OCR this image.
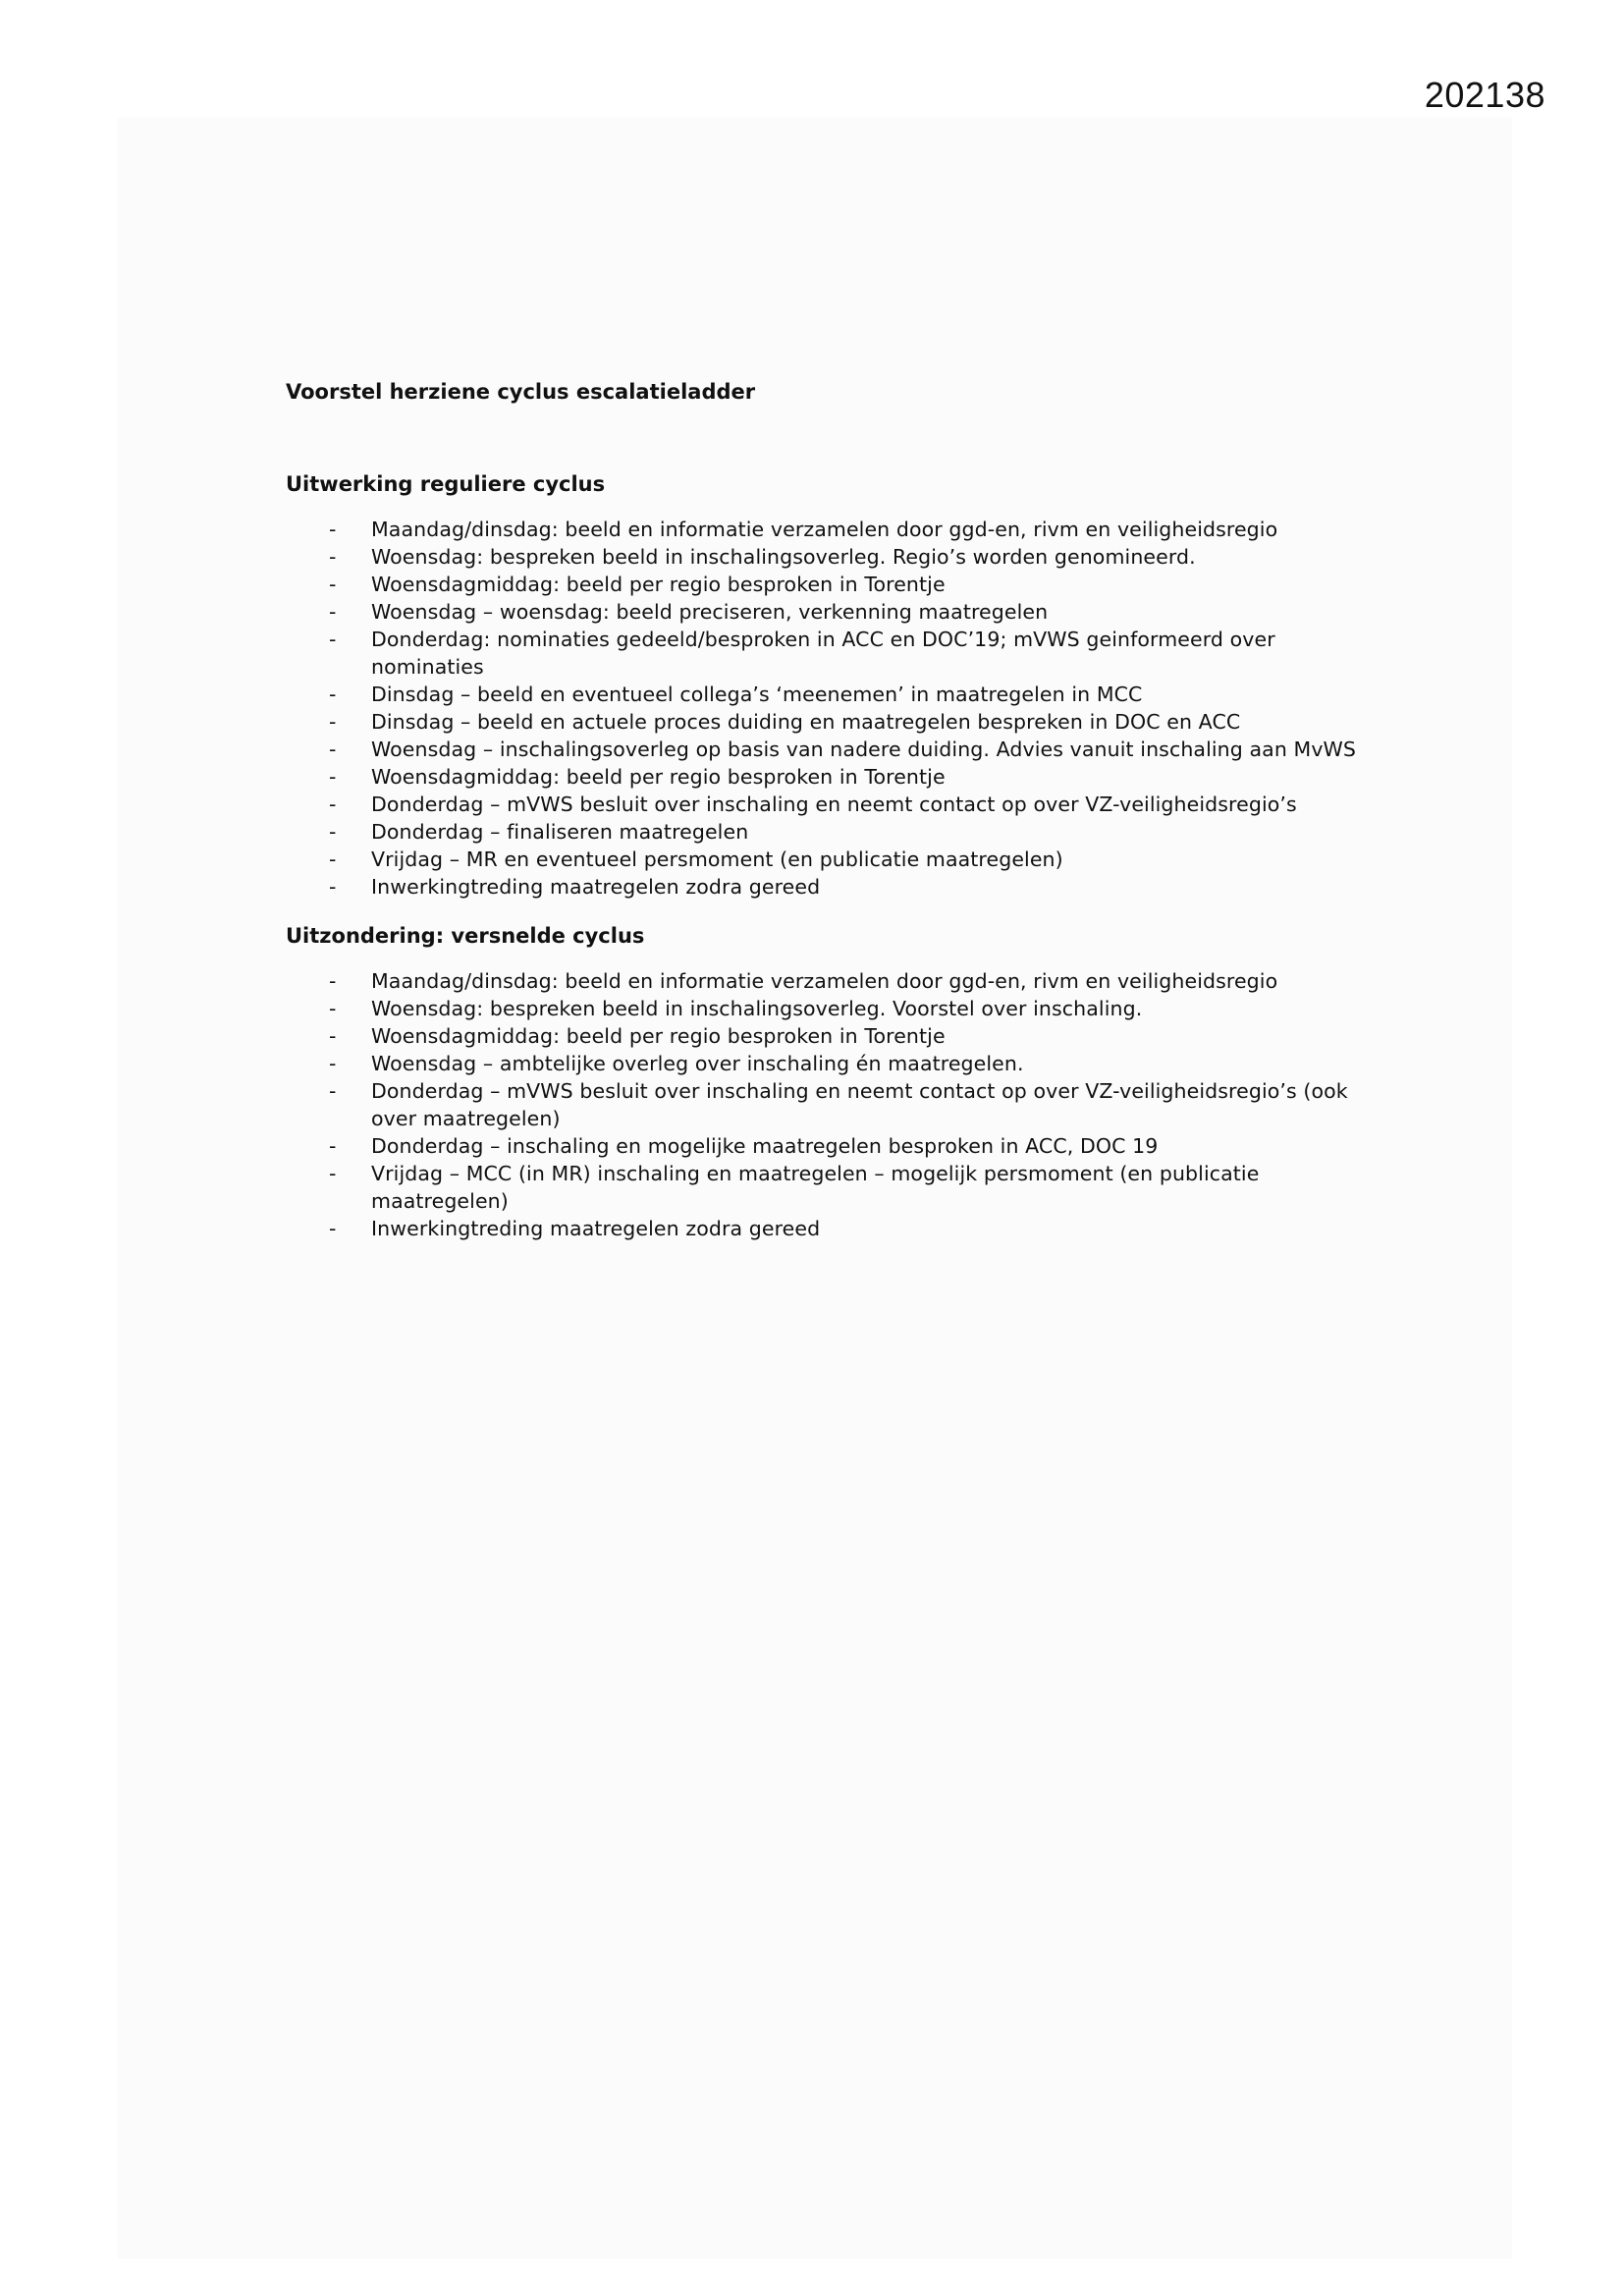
202138
Voorstel herziene cyclus escalatieladder
Uitwerking reguliere cyclus
- Maandag/dinsdag: beeld en informatie verzamelen door ggd-en, rivm en veiligheidsregio
- Woensdag: bespreken beeld in inschalingsoverleg. Regio’s worden genomineerd.
- Woensdagmiddag: beeld per regio besproken in Torentje
- Woensdag – woensdag: beeld preciseren, verkenning maatregelen
- Donderdag: nominaties gedeeld/besproken in ACC en DOC’19; mVWS geinformeerd over nominaties
- Dinsdag – beeld en eventueel collega’s ‘meenemen’ in maatregelen in MCC
- Dinsdag – beeld en actuele proces duiding en maatregelen bespreken in DOC en ACC
- Woensdag – inschalingsoverleg op basis van nadere duiding. Advies vanuit inschaling aan MvWS
- Woensdagmiddag: beeld per regio besproken in Torentje
- Donderdag – mVWS besluit over inschaling en neemt contact op over VZ-veiligheidsregio’s
- Donderdag – finaliseren maatregelen
- Vrijdag – MR en eventueel persmoment (en publicatie maatregelen)
- Inwerkingtreding maatregelen zodra gereed
Uitzondering: versnelde cyclus
- Maandag/dinsdag: beeld en informatie verzamelen door ggd-en, rivm en veiligheidsregio
- Woensdag: bespreken beeld in inschalingsoverleg. Voorstel over inschaling.
- Woensdagmiddag: beeld per regio besproken in Torentje
- Woensdag – ambtelijke overleg over inschaling én maatregelen.
- Donderdag – mVWS besluit over inschaling en neemt contact op over VZ-veiligheidsregio’s (ook over maatregelen)
- Donderdag – inschaling en mogelijke maatregelen besproken in ACC, DOC 19
- Vrijdag – MCC (in MR) inschaling en maatregelen – mogelijk persmoment (en publicatie maatregelen)
- Inwerkingtreding maatregelen zodra gereed
